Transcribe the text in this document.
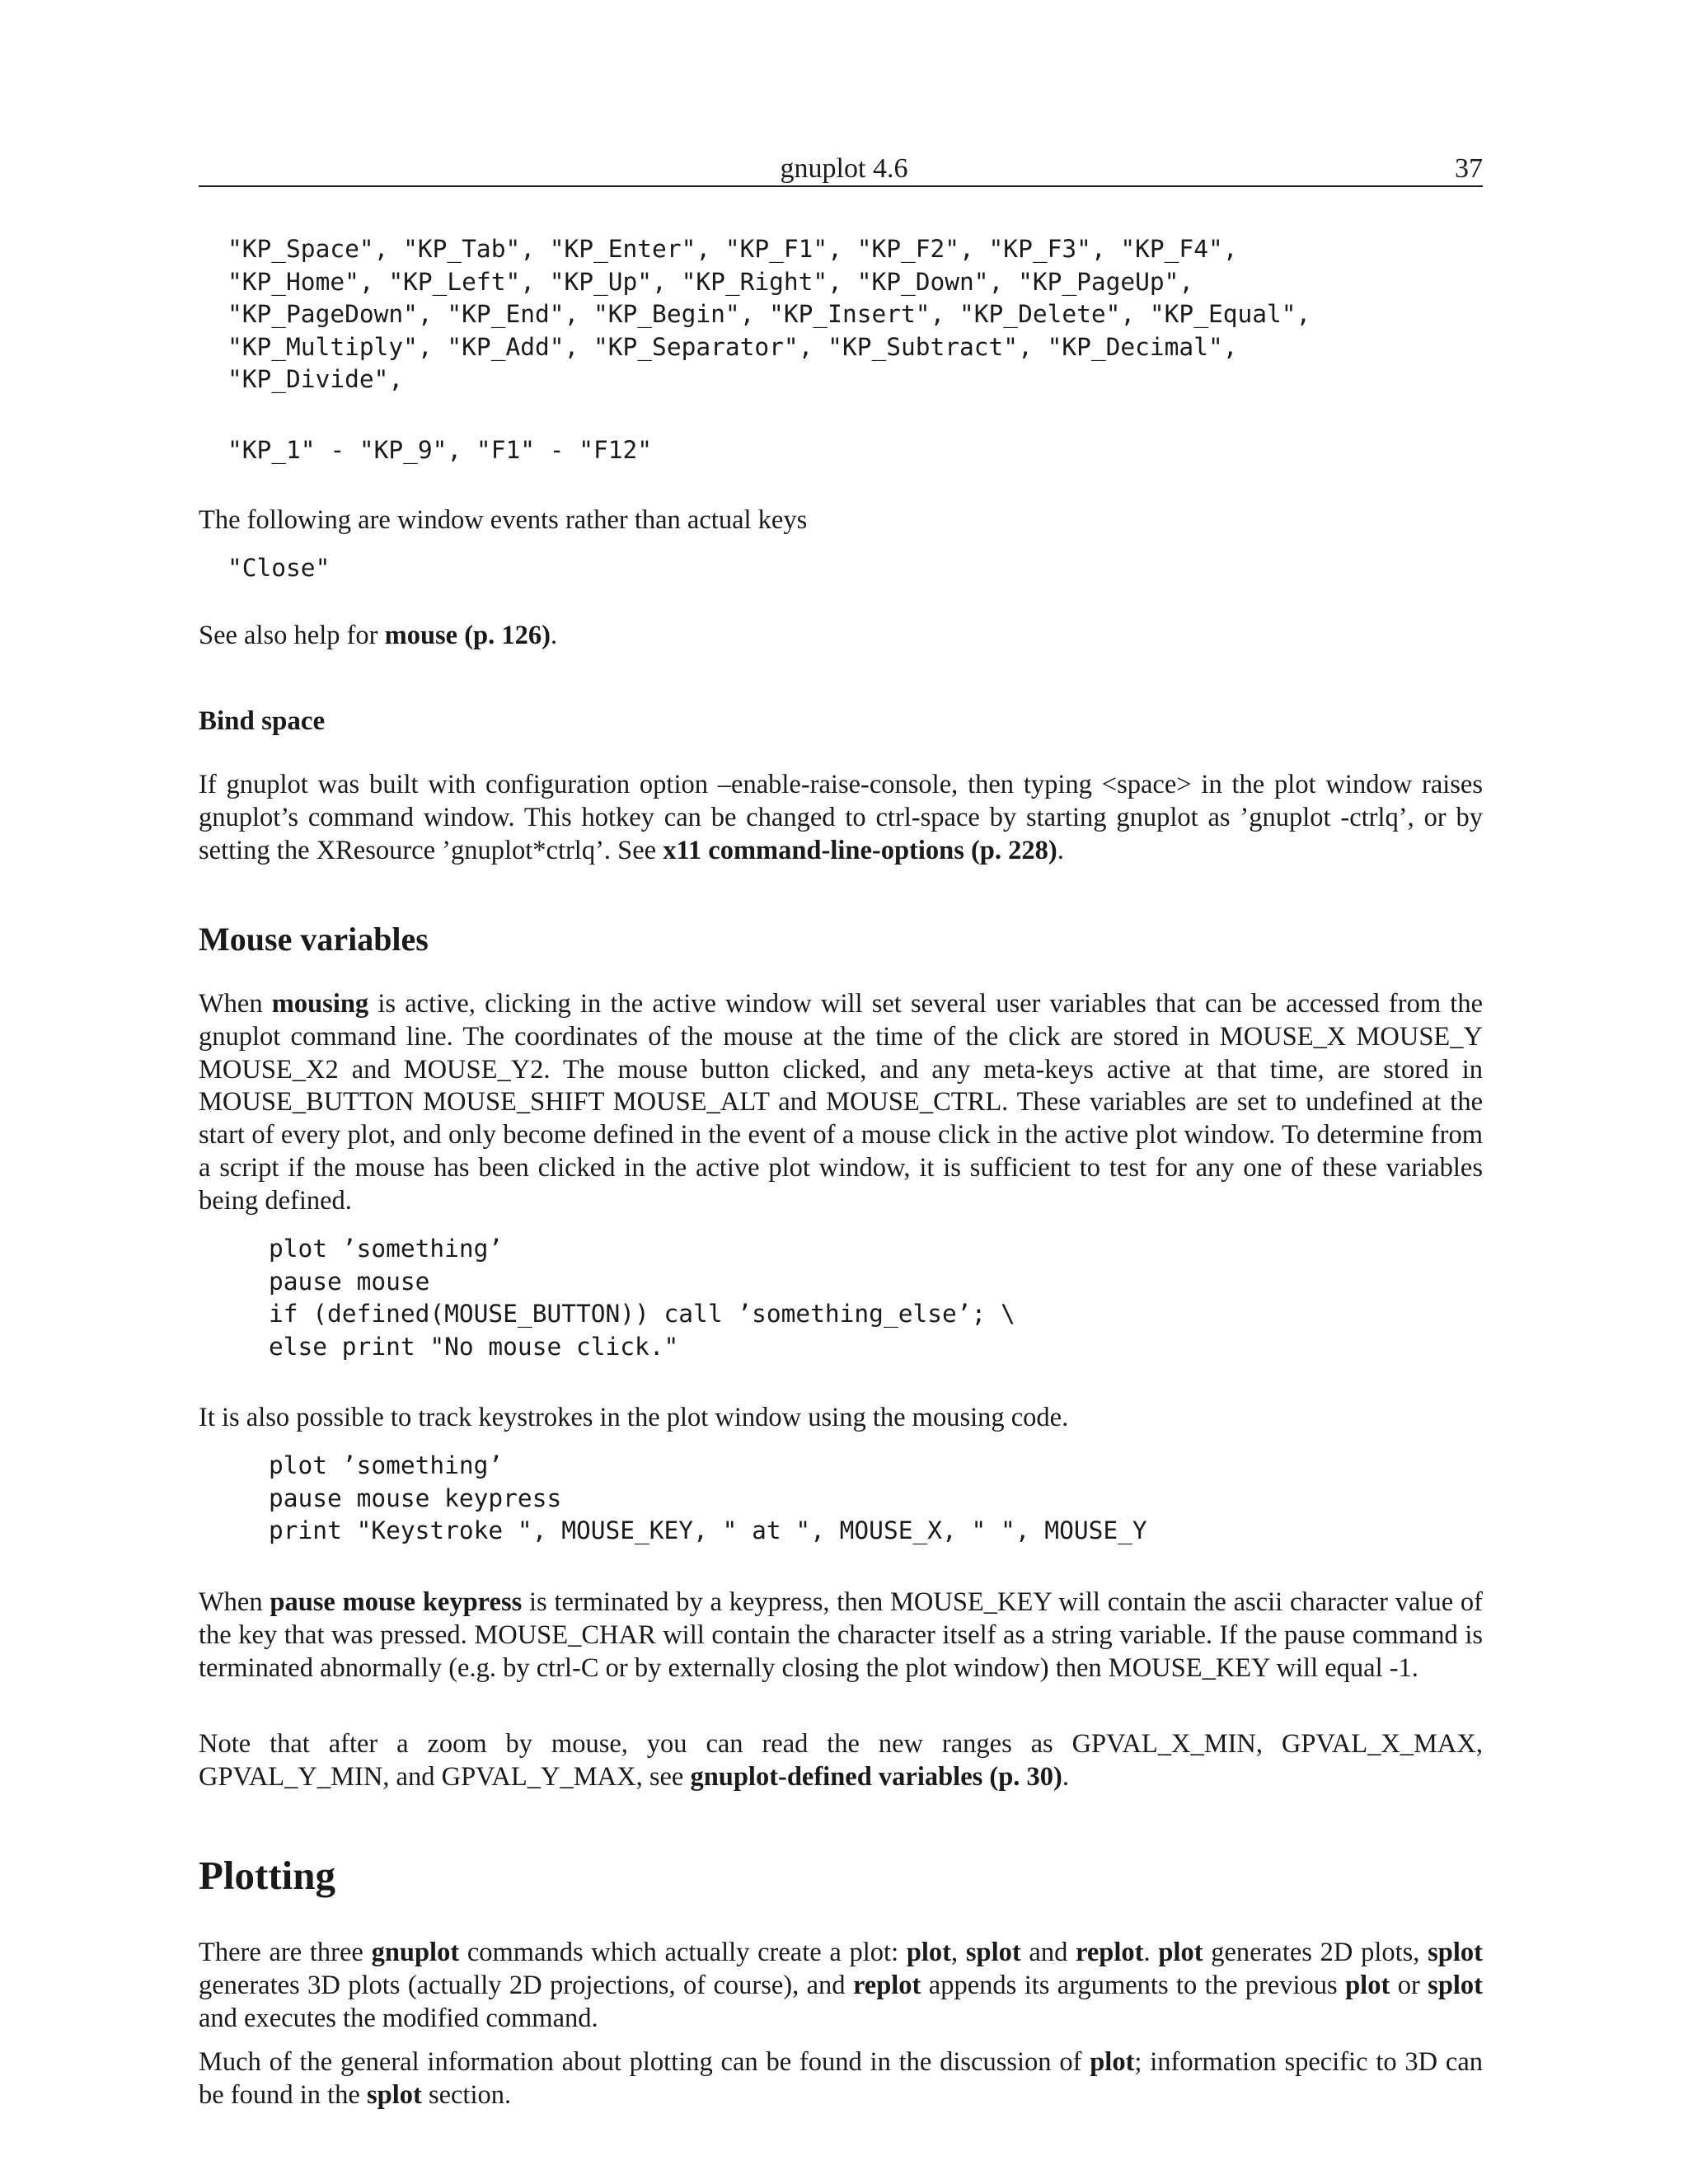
gnuplot 4.6	37
"KP_Space", "KP_Tab", "KP_Enter", "KP_F1", "KP_F2", "KP_F3", "KP_F4",
"KP_Home", "KP_Left", "KP_Up", "KP_Right", "KP_Down", "KP_PageUp",
"KP_PageDown", "KP_End", "KP_Begin", "KP_Insert", "KP_Delete", "KP_Equal",
"KP_Multiply", "KP_Add", "KP_Separator", "KP_Subtract", "KP_Decimal",
"KP_Divide",
"KP_1" - "KP_9", "F1" - "F12"

The following are window events rather than actual keys

"Close"

See also help for mouse (p. 126).

Bind space

If gnuplot was built with configuration option –enable-raise-console, then typing <space> in the plot window raises gnuplot’s command window. This hotkey can be changed to ctrl-space by starting gnuplot as ’gnuplot -ctrlq’, or by setting the XResource ’gnuplot*ctrlq’. See x11 command-line-options (p. 228).

Mouse variables

When mousing is active, clicking in the active window will set several user variables that can be accessed from the gnuplot command line. The coordinates of the mouse at the time of the click are stored in MOUSE_X MOUSE_Y MOUSE_X2 and MOUSE_Y2. The mouse button clicked, and any meta-keys active at that time, are stored in MOUSE_BUTTON MOUSE_SHIFT MOUSE_ALT and MOUSE_CTRL. These variables are set to undefined at the start of every plot, and only become defined in the event of a mouse click in the active plot window. To determine from a script if the mouse has been clicked in the active plot window, it is sufficient to test for any one of these variables being defined.

plot ’something’
pause mouse
if (defined(MOUSE_BUTTON)) call ’something_else’; \
else print "No mouse click."

It is also possible to track keystrokes in the plot window using the mousing code.

plot ’something’
pause mouse keypress
print "Keystroke ", MOUSE_KEY, " at ", MOUSE_X, " ", MOUSE_Y

When pause mouse keypress is terminated by a keypress, then MOUSE_KEY will contain the ascii character value of the key that was pressed. MOUSE_CHAR will contain the character itself as a string variable. If the pause command is terminated abnormally (e.g. by ctrl-C or by externally closing the plot window) then MOUSE_KEY will equal -1.

Note that after a zoom by mouse, you can read the new ranges as GPVAL_X_MIN, GPVAL_X_MAX, GPVAL_Y_MIN, and GPVAL_Y_MAX, see gnuplot-defined variables (p. 30).

Plotting

There are three gnuplot commands which actually create a plot: plot, splot and replot. plot generates 2D plots, splot generates 3D plots (actually 2D projections, of course), and replot appends its arguments to the previous plot or splot and executes the modified command.

Much of the general information about plotting can be found in the discussion of plot; information specific to 3D can be found in the splot section.
